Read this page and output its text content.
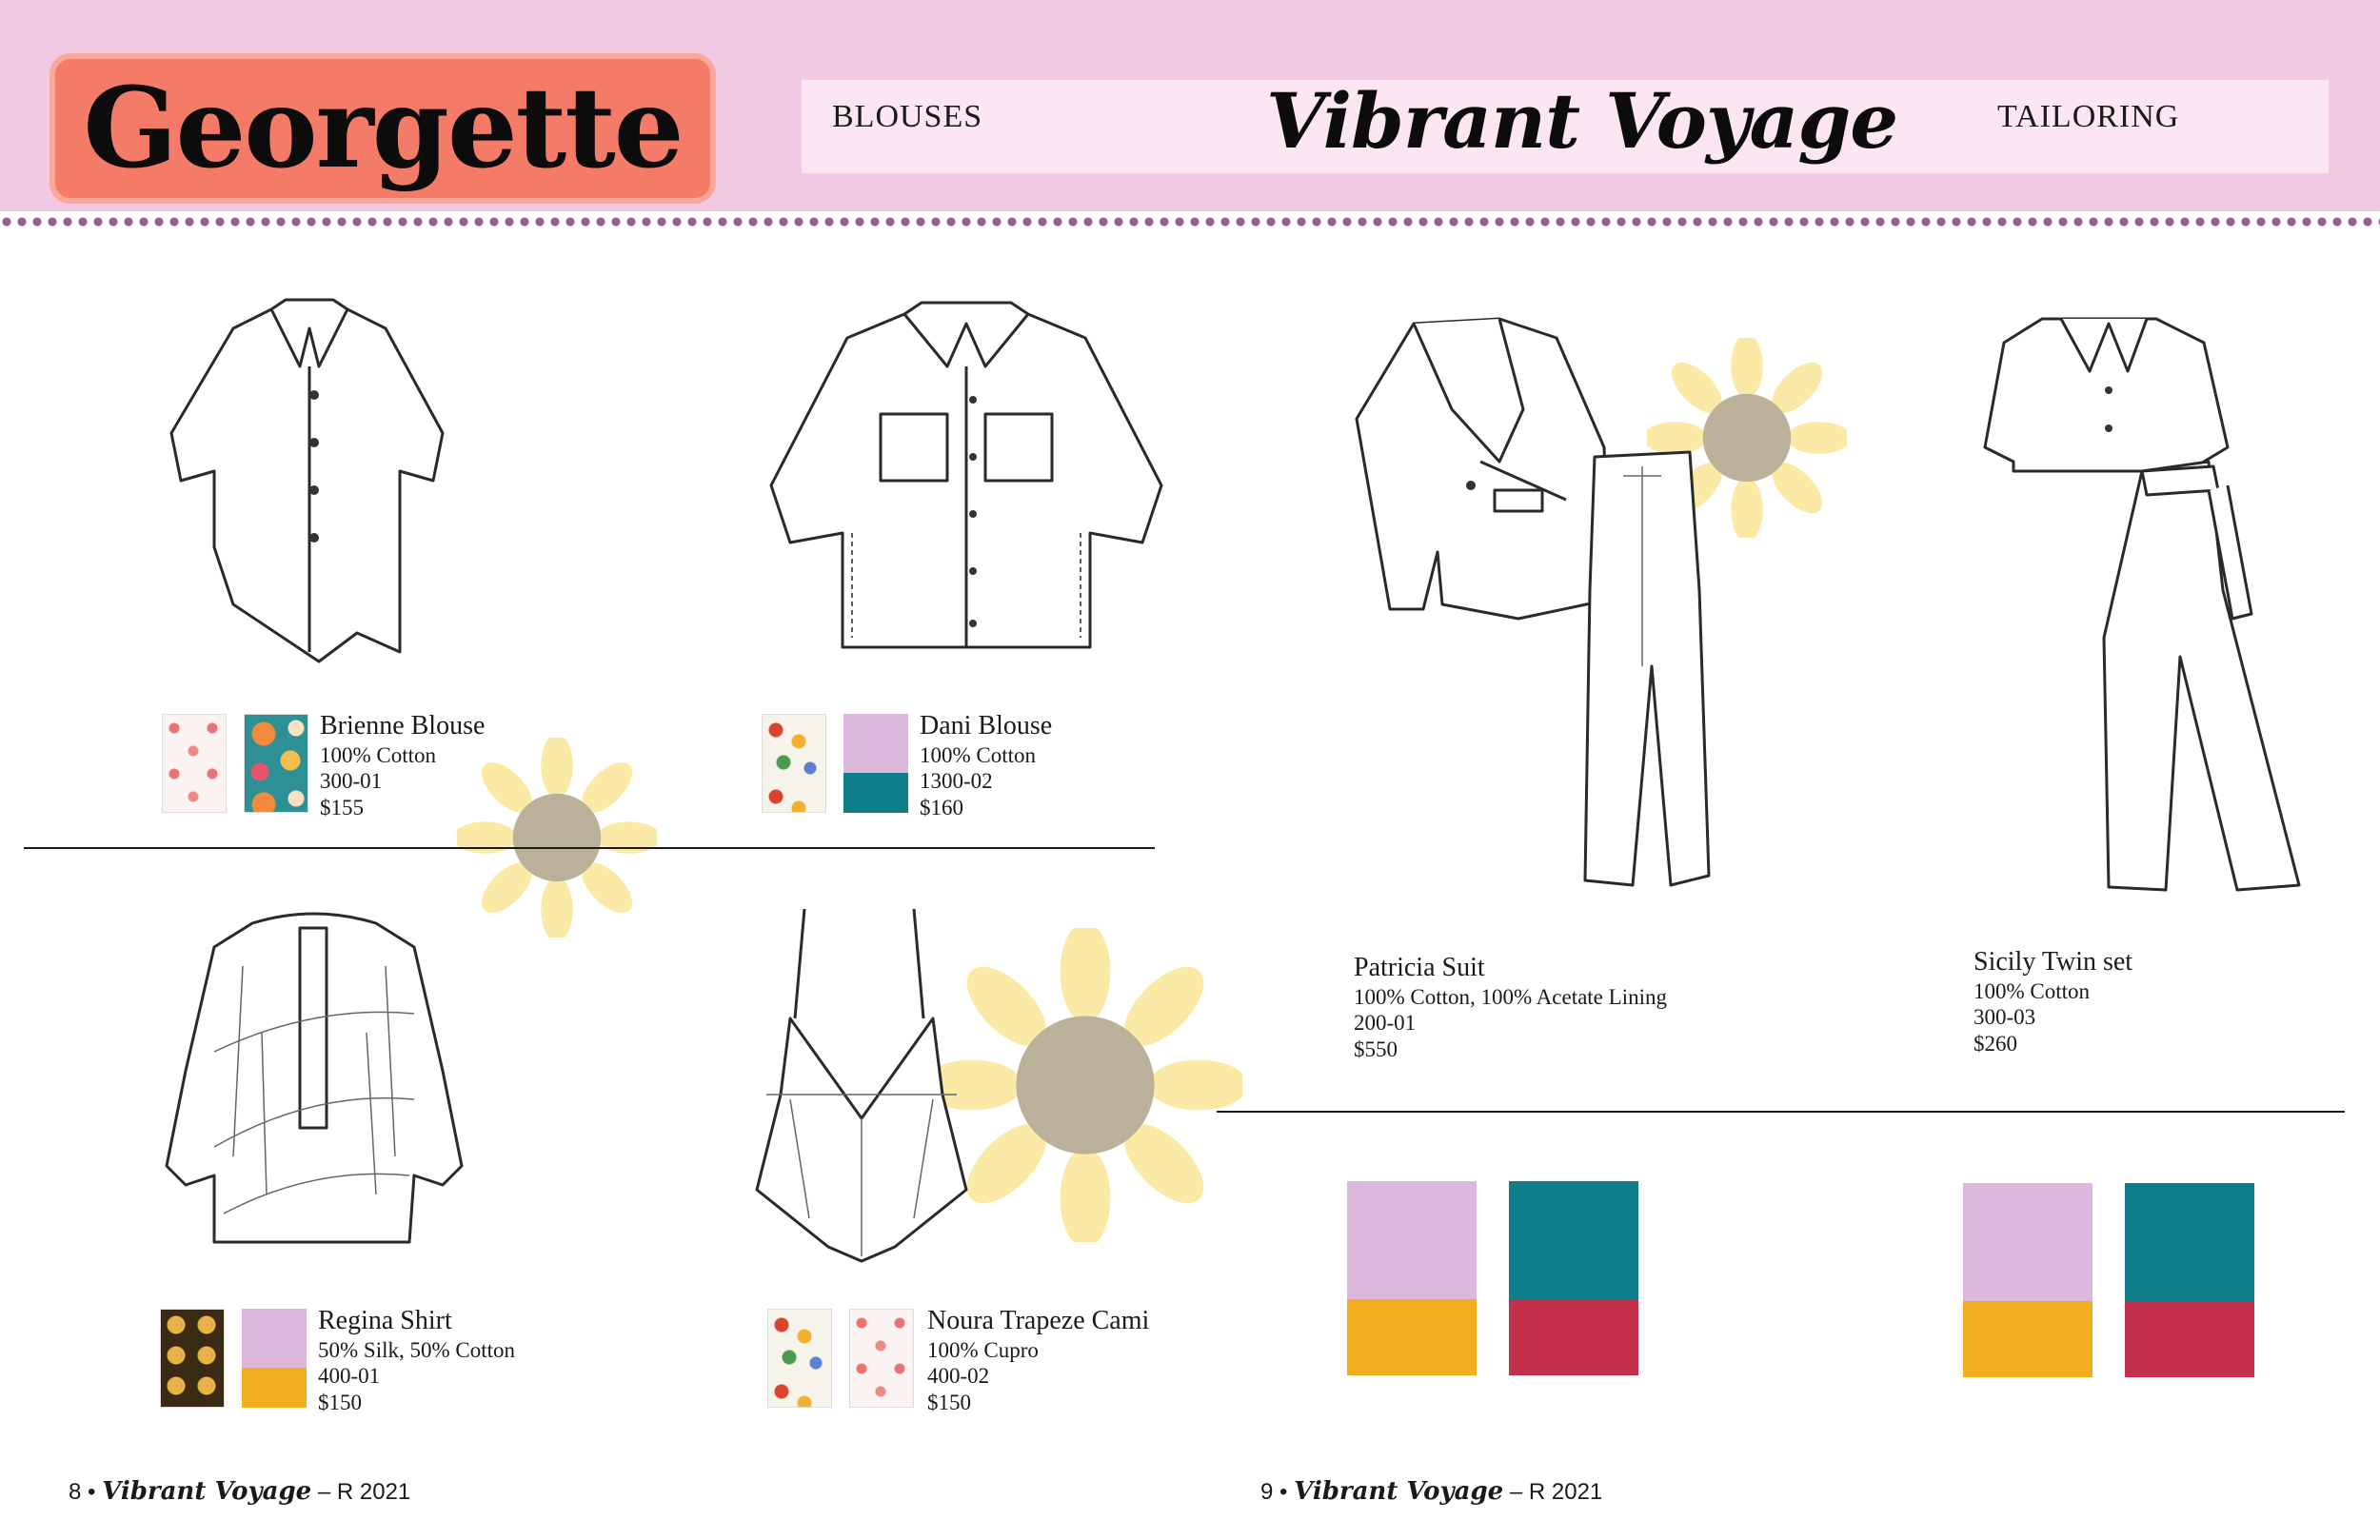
Georgette	BLOUSES	Vibrant Voyage	TAILORING
Brienne Blouse
100% Cotton
300-01
$155
Dani Blouse
100% Cotton
1300-02
$160
Regina Shirt
50% Silk, 50% Cotton
400-01
$150
Noura Trapeze Cami
100% Cupro
400-02
$150
Patricia Suit
100% Cotton, 100% Acetate Lining
200-01
$550
Sicily Twin set
100% Cotton
300-03
$260
8 • Vibrant Voyage – R 2021	9 • Vibrant Voyage – R 2021
